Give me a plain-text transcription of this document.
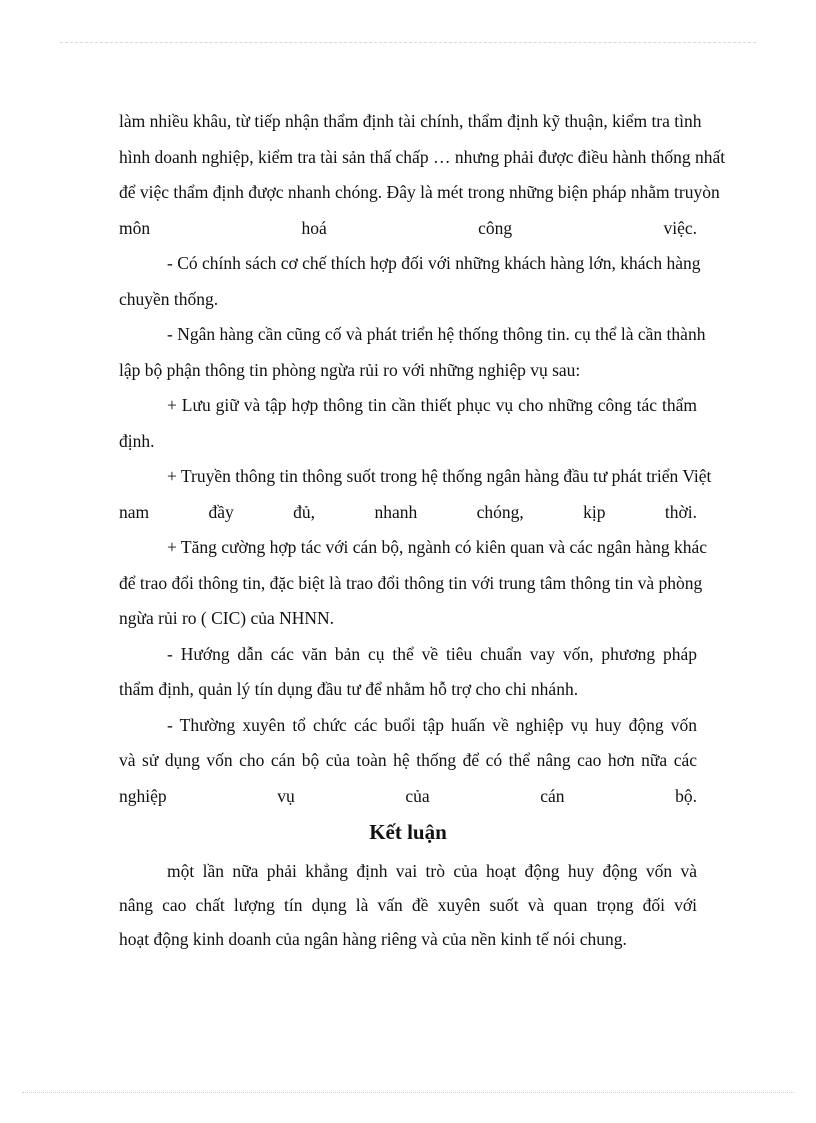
làm nhiều khâu, từ tiếp nhận thẩm định tài chính, thẩm định kỹ thuận, kiểm tra tình
hình doanh nghiệp, kiểm tra tài sản thấ chấp … nhưng phải được điều hành thống nhất
để việc thẩm định được nhanh chóng. Đây là mét trong những biện pháp nhằm truyòn
môn hoá công việc.
- Có chính sách cơ chế thích hợp đối với những khách hàng lớn, khách hàng
chuyền thống.
- Ngân hàng cần cũng cố và phát triển hệ thống thông tin. cụ thể là cần thành
lập bộ phận thông tin phòng ngừa rủi ro với những nghiệp vụ sau:
+ Lưu giữ và tập hợp thông tin cần thiết phục vụ cho những công tác thẩm
định.
+ Truyền thông tin thông suốt trong hệ thống ngân hàng đầu tư phát triển Việt
nam đầy đủ, nhanh chóng, kịp thời.
+ Tăng cường hợp tác với cán bộ, ngành có kiên quan và các ngân hàng khác
để trao đổi thông tin, đặc biệt là trao đổi thông tin với trung tâm thông tin và phòng
ngừa rủi ro ( CIC) của NHNN.
- Hướng dẫn các văn bản cụ thể về tiêu chuẩn vay vốn, phương pháp
thẩm định, quản lý tín dụng đầu tư để nhằm hỗ trợ cho chi nhánh.
- Thường xuyên tổ chức các buổi tập huấn về nghiệp vụ huy động vốn
và sử dụng vốn cho cán bộ của toàn hệ thống để có thể nâng cao hơn nữa các
nghiệp vụ của cán bộ.
Kết luận
một lần nữa phải khẳng định vai trò của hoạt động huy động vốn và
nâng cao chất lượng tín dụng là vấn đề xuyên suốt và quan trọng đối với
hoạt động kinh doanh của ngân hàng riêng và của nền kinh tế nói chung.
